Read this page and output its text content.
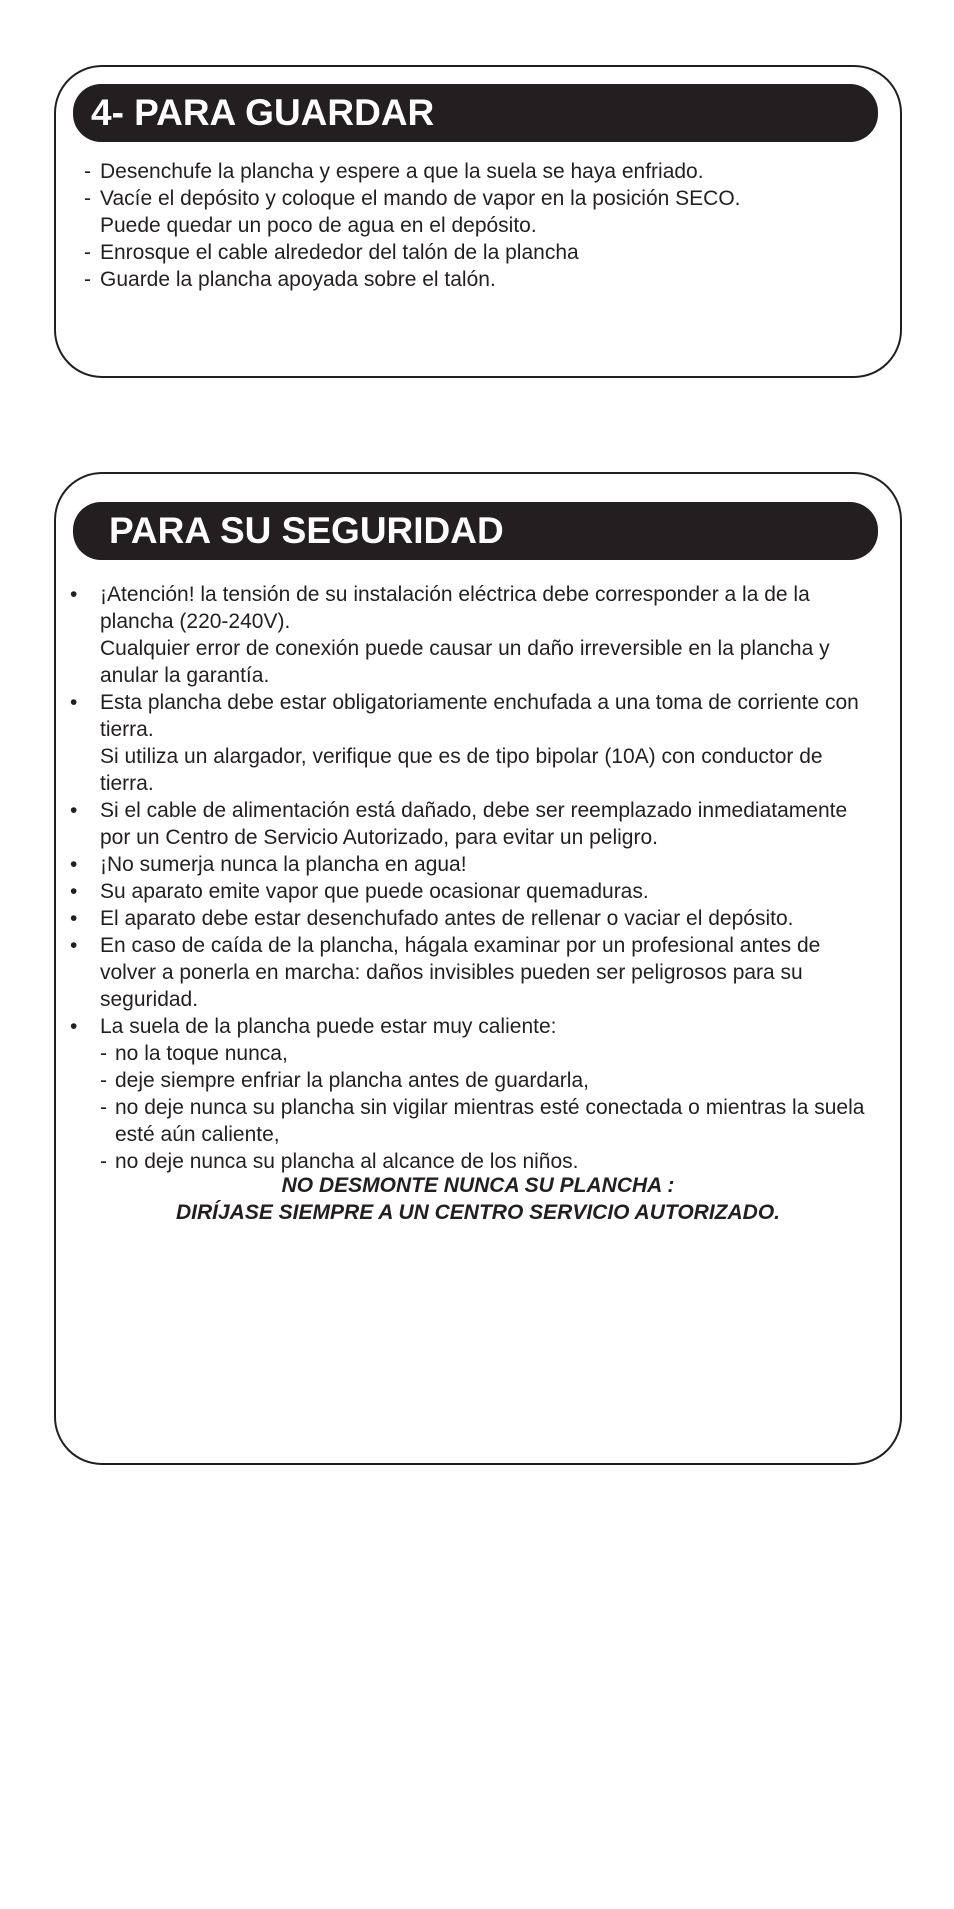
4- PARA GUARDAR
- Desenchufe la plancha y espere a que la suela se haya enfriado.
- Vacíe el depósito y coloque el mando de vapor en la posición SECO.
Puede quedar un poco de agua en el depósito.
- Enrosque el cable alrededor del talón de la plancha
- Guarde la plancha apoyada sobre el talón.
PARA SU SEGURIDAD
• ¡Atención! la tensión de su instalación eléctrica debe corresponder a la de la plancha (220-240V).
Cualquier error de conexión puede causar un daño irreversible en la plancha y anular la garantía.
• Esta plancha debe estar obligatoriamente enchufada a una toma de corriente con tierra.
Si utiliza un alargador, verifique que es de tipo bipolar (10A) con conductor de tierra.
• Si el cable de alimentación está dañado, debe ser reemplazado inmediatamente por un Centro de Servicio Autorizado, para evitar un peligro.
• ¡No sumerja nunca la plancha en agua!
• Su aparato emite vapor que puede ocasionar quemaduras.
• El aparato debe estar desenchufado antes de rellenar o vaciar el depósito.
• En caso de caída de la plancha, hágala examinar por un profesional antes de volver a ponerla en marcha: daños invisibles pueden ser peligrosos para su seguridad.
• La suela de la plancha puede estar muy caliente:
- no la toque nunca,
- deje siempre enfriar la plancha antes de guardarla,
- no deje nunca su plancha sin vigilar mientras esté conectada o mientras la suela esté aún caliente,
- no deje nunca su plancha al alcance de los niños.
NO DESMONTE NUNCA SU PLANCHA :
DIRÍJASE SIEMPRE A UN CENTRO SERVICIO AUTORIZADO.
